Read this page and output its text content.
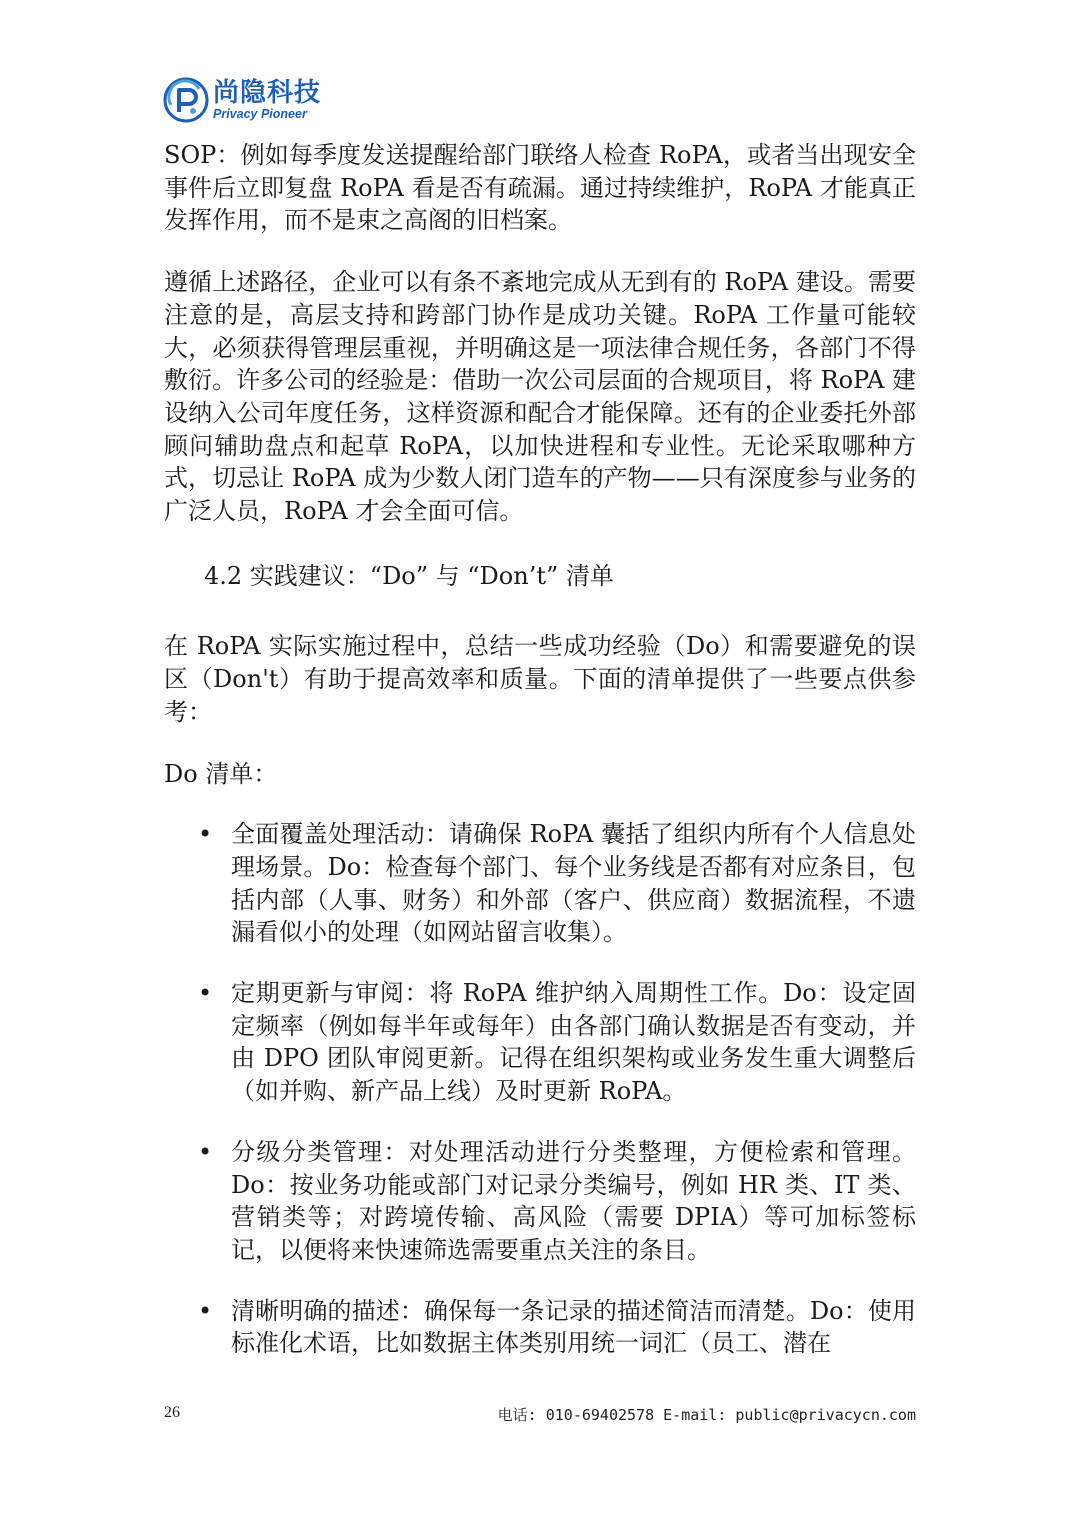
尚隐科技
Privacy Pioneer

SOP：例如每季度发送提醒给部门联络人检查 RoPA，或者当出现安全事件后立即复盘 RoPA 看是否有疏漏。通过持续维护，RoPA 才能真正发挥作用，而不是束之高阁的旧档案。

遵循上述路径，企业可以有条不紊地完成从无到有的 RoPA 建设。需要注意的是，高层支持和跨部门协作是成功关键。RoPA 工作量可能较大，必须获得管理层重视，并明确这是一项法律合规任务，各部门不得敷衍。许多公司的经验是：借助一次公司层面的合规项目，将 RoPA 建设纳入公司年度任务，这样资源和配合才能保障。还有的企业委托外部顾问辅助盘点和起草 RoPA，以加快进程和专业性。无论采取哪种方式，切忌让 RoPA 成为少数人闭门造车的产物——只有深度参与业务的广泛人员，RoPA 才会全面可信。

4.2 实践建议：“Do” 与 “Don’t” 清单

在 RoPA 实际实施过程中，总结一些成功经验（Do）和需要避免的误区（Don't）有助于提高效率和质量。下面的清单提供了一些要点供参考：

Do 清单：

• 全面覆盖处理活动：请确保 RoPA 囊括了组织内所有个人信息处理场景。Do：检查每个部门、每个业务线是否都有对应条目，包括内部（人事、财务）和外部（客户、供应商）数据流程，不遗漏看似小的处理（如网站留言收集）。
• 定期更新与审阅：将 RoPA 维护纳入周期性工作。Do：设定固定频率（例如每半年或每年）由各部门确认数据是否有变动，并由 DPO 团队审阅更新。记得在组织架构或业务发生重大调整后（如并购、新产品上线）及时更新 RoPA。
• 分级分类管理：对处理活动进行分类整理，方便检索和管理。Do：按业务功能或部门对记录分类编号，例如 HR 类、IT 类、营销类等；对跨境传输、高风险（需要 DPIA）等可加标签标记，以便将来快速筛选需要重点关注的条目。
• 清晰明确的描述：确保每一条记录的描述简洁而清楚。Do：使用标准化术语，比如数据主体类别用统一词汇（员工、潜在
26	电话: 010-69402578 E-mail: public@privacycn.com
